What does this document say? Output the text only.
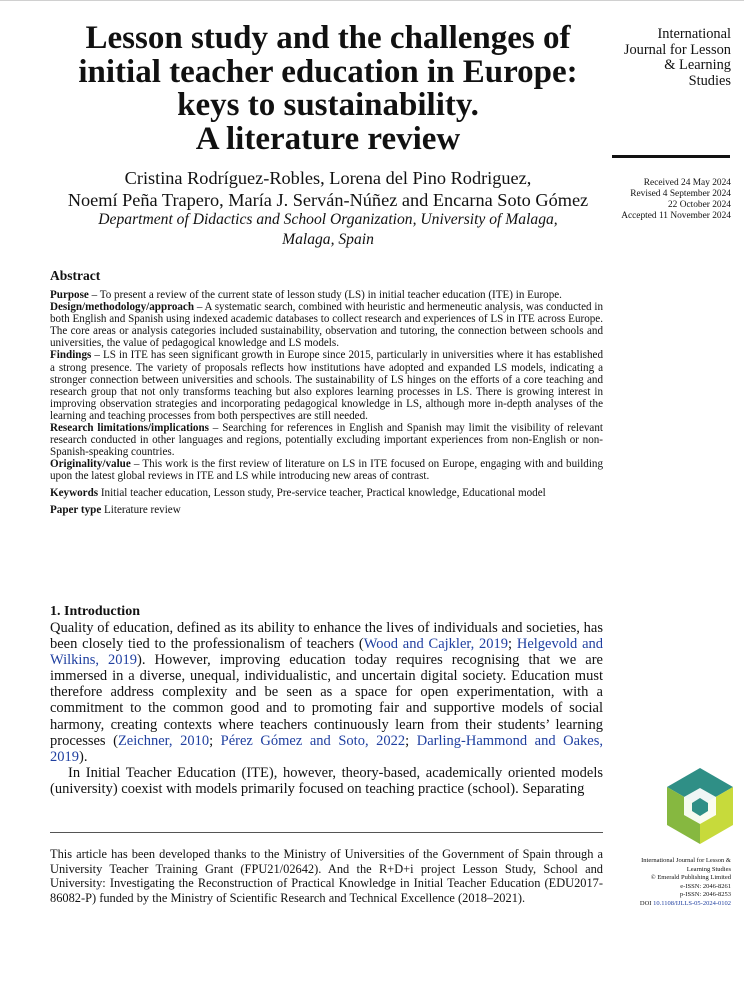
Lesson study and the challenges of
initial teacher education in Europe:
keys to sustainability.
A literature review

Cristina Rodríguez-Robles, Lorena del Pino Rodriguez,
Noemí Peña Trapero, María J. Serván-Núñez and Encarna Soto Gómez

Department of Didactics and School Organization, University of Malaga,
Malaga, Spain

International
Journal for Lesson
& Learning
Studies
Received 24 May 2024
Revised 4 September 2024
22 October 2024
Accepted 11 November 2024
Abstract

Purpose – To present a review of the current state of lesson study (LS) in initial teacher education (ITE) in Europe.

Design/methodology/approach – A systematic search, combined with heuristic and hermeneutic analysis, was conducted in both English and Spanish using indexed academic databases to collect research and experiences of LS in ITE across Europe. The core areas or analysis categories included sustainability, observation and tutoring, the connection between schools and universities, the value of pedagogical knowledge and LS models.

Findings – LS in ITE has seen significant growth in Europe since 2015, particularly in universities where it has established a strong presence. The variety of proposals reflects how institutions have adopted and expanded LS models, indicating a stronger connection between universities and schools. The sustainability of LS hinges on the efforts of a core teaching and research group that not only transforms teaching but also explores learning processes in LS. There is growing interest in improving observation strategies and incorporating pedagogical knowledge in LS, although more in-depth analyses of the learning and teaching processes from both perspectives are still needed.

Research limitations/implications – Searching for references in English and Spanish may limit the visibility of relevant research conducted in other languages and regions, potentially excluding important experiences from non-English or non-Spanish-speaking countries.

Originality/value – This work is the first review of literature on LS in ITE focused on Europe, engaging with and building upon the latest global reviews in ITE and LS while introducing new areas of contrast.

Keywords Initial teacher education, Lesson study, Pre-service teacher, Practical knowledge, Educational model

Paper type Literature review

1. Introduction

Quality of education, defined as its ability to enhance the lives of individuals and societies, has been closely tied to the professionalism of teachers (Wood and Cajkler, 2019; Helgevold and Wilkins, 2019). However, improving education today requires recognising that we are immersed in a diverse, unequal, individualistic, and uncertain digital society. Education must therefore address complexity and be seen as a space for open experimentation, with a commitment to the common good and to promoting fair and supportive models of social harmony, creating contexts where teachers continuously learn from their students’ learning processes (Zeichner, 2010; Pérez Gómez and Soto, 2022; Darling-Hammond and Oakes, 2019).

In Initial Teacher Education (ITE), however, theory-based, academically oriented models (university) coexist with models primarily focused on teaching practice (school). Separating

This article has been developed thanks to the Ministry of Universities of the Government of Spain through a University Teacher Training Grant (FPU21/02642). And the R+D+i project Lesson Study, School and University: Investigating the Reconstruction of Practical Knowledge in Initial Teacher Education (EDU2017-86082-P) funded by the Ministry of Scientific Research and Technical Excellence (2018–2021).

International Journal for Lesson &
Learning Studies
© Emerald Publishing Limited
e-ISSN: 2046-8261
p-ISSN: 2046-8253
DOI 10.1108/IJLLS-05-2024-0102
